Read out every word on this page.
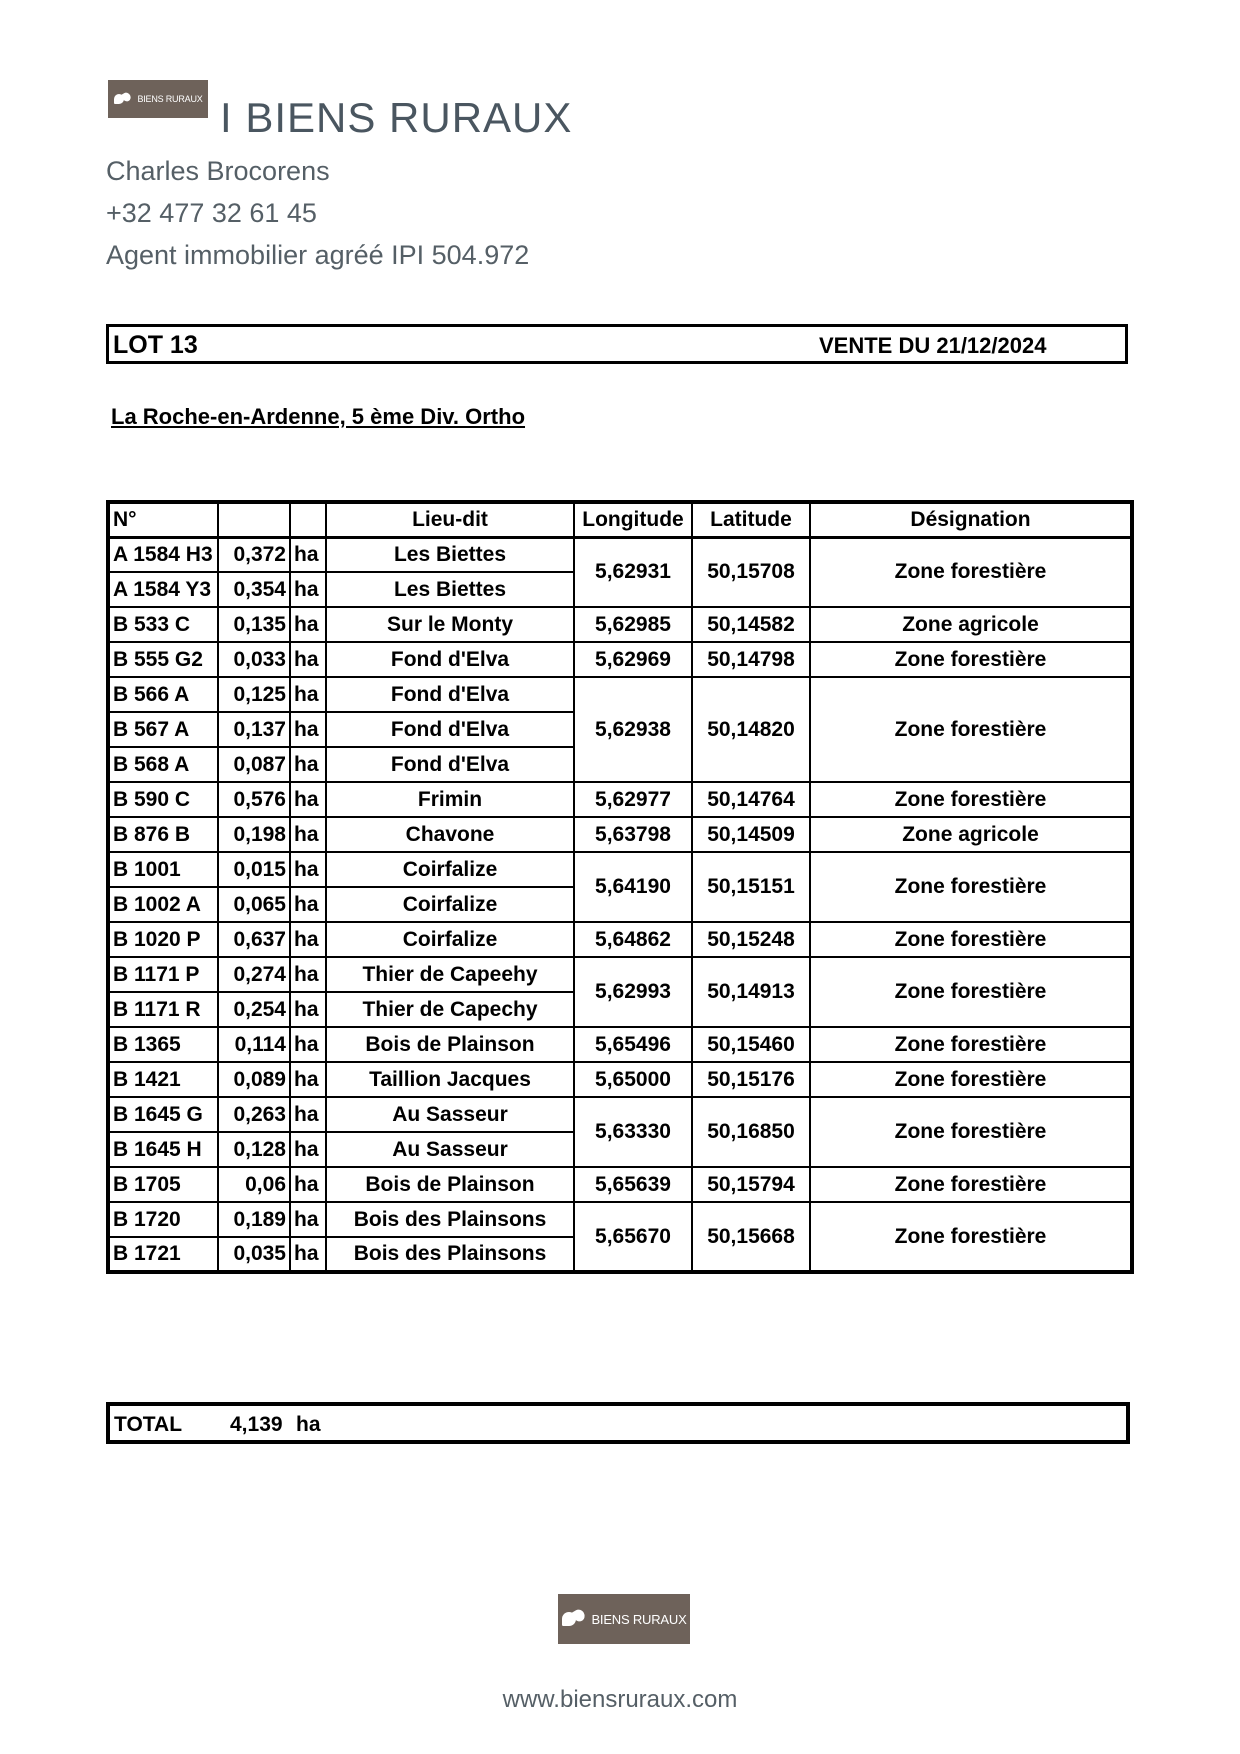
BIENS RURAUX I BIENS RURAUX
Charles Brocorens
+32 477 32 61 45
Agent immobilier agréé IPI 504.972
LOT 13	VENTE DU 21/12/2024
La Roche-en-Ardenne, 5 ème Div. Ortho
N°			Lieu-dit	Longitude	Latitude	Désignation
A 1584 H3	0,372	ha	Les Biettes	5,62931	50,15708	Zone forestière
A 1584 Y3	0,354	ha	Les Biettes			
B 533 C	0,135	ha	Sur le Monty	5,62985	50,14582	Zone agricole
B 555 G2	0,033	ha	Fond d'Elva	5,62969	50,14798	Zone forestière
B 566 A	0,125	ha	Fond d'Elva	5,62938	50,14820	Zone forestière
B 567 A	0,137	ha	Fond d'Elva			
B 568 A	0,087	ha	Fond d'Elva			
B 590 C	0,576	ha	Frimin	5,62977	50,14764	Zone forestière
B 876 B	0,198	ha	Chavone	5,63798	50,14509	Zone agricole
B 1001	0,015	ha	Coirfalize	5,64190	50,15151	Zone forestière
B 1002 A	0,065	ha	Coirfalize			
B 1020 P	0,637	ha	Coirfalize	5,64862	50,15248	Zone forestière
B 1171 P	0,274	ha	Thier de Capeehy	5,62993	50,14913	Zone forestière
B 1171 R	0,254	ha	Thier de Capechy			
B 1365	0,114	ha	Bois de Plainson	5,65496	50,15460	Zone forestière
B 1421	0,089	ha	Taillion Jacques	5,65000	50,15176	Zone forestière
B 1645 G	0,263	ha	Au Sasseur	5,63330	50,16850	Zone forestière
B 1645 H	0,128	ha	Au Sasseur			
B 1705	0,06	ha	Bois de Plainson	5,65639	50,15794	Zone forestière
B 1720	0,189	ha	Bois des Plainsons	5,65670	50,15668	Zone forestière
B 1721	0,035	ha	Bois des Plainsons			
TOTAL 4,139 ha
BIENS RURAUX
www.biensruraux.com
